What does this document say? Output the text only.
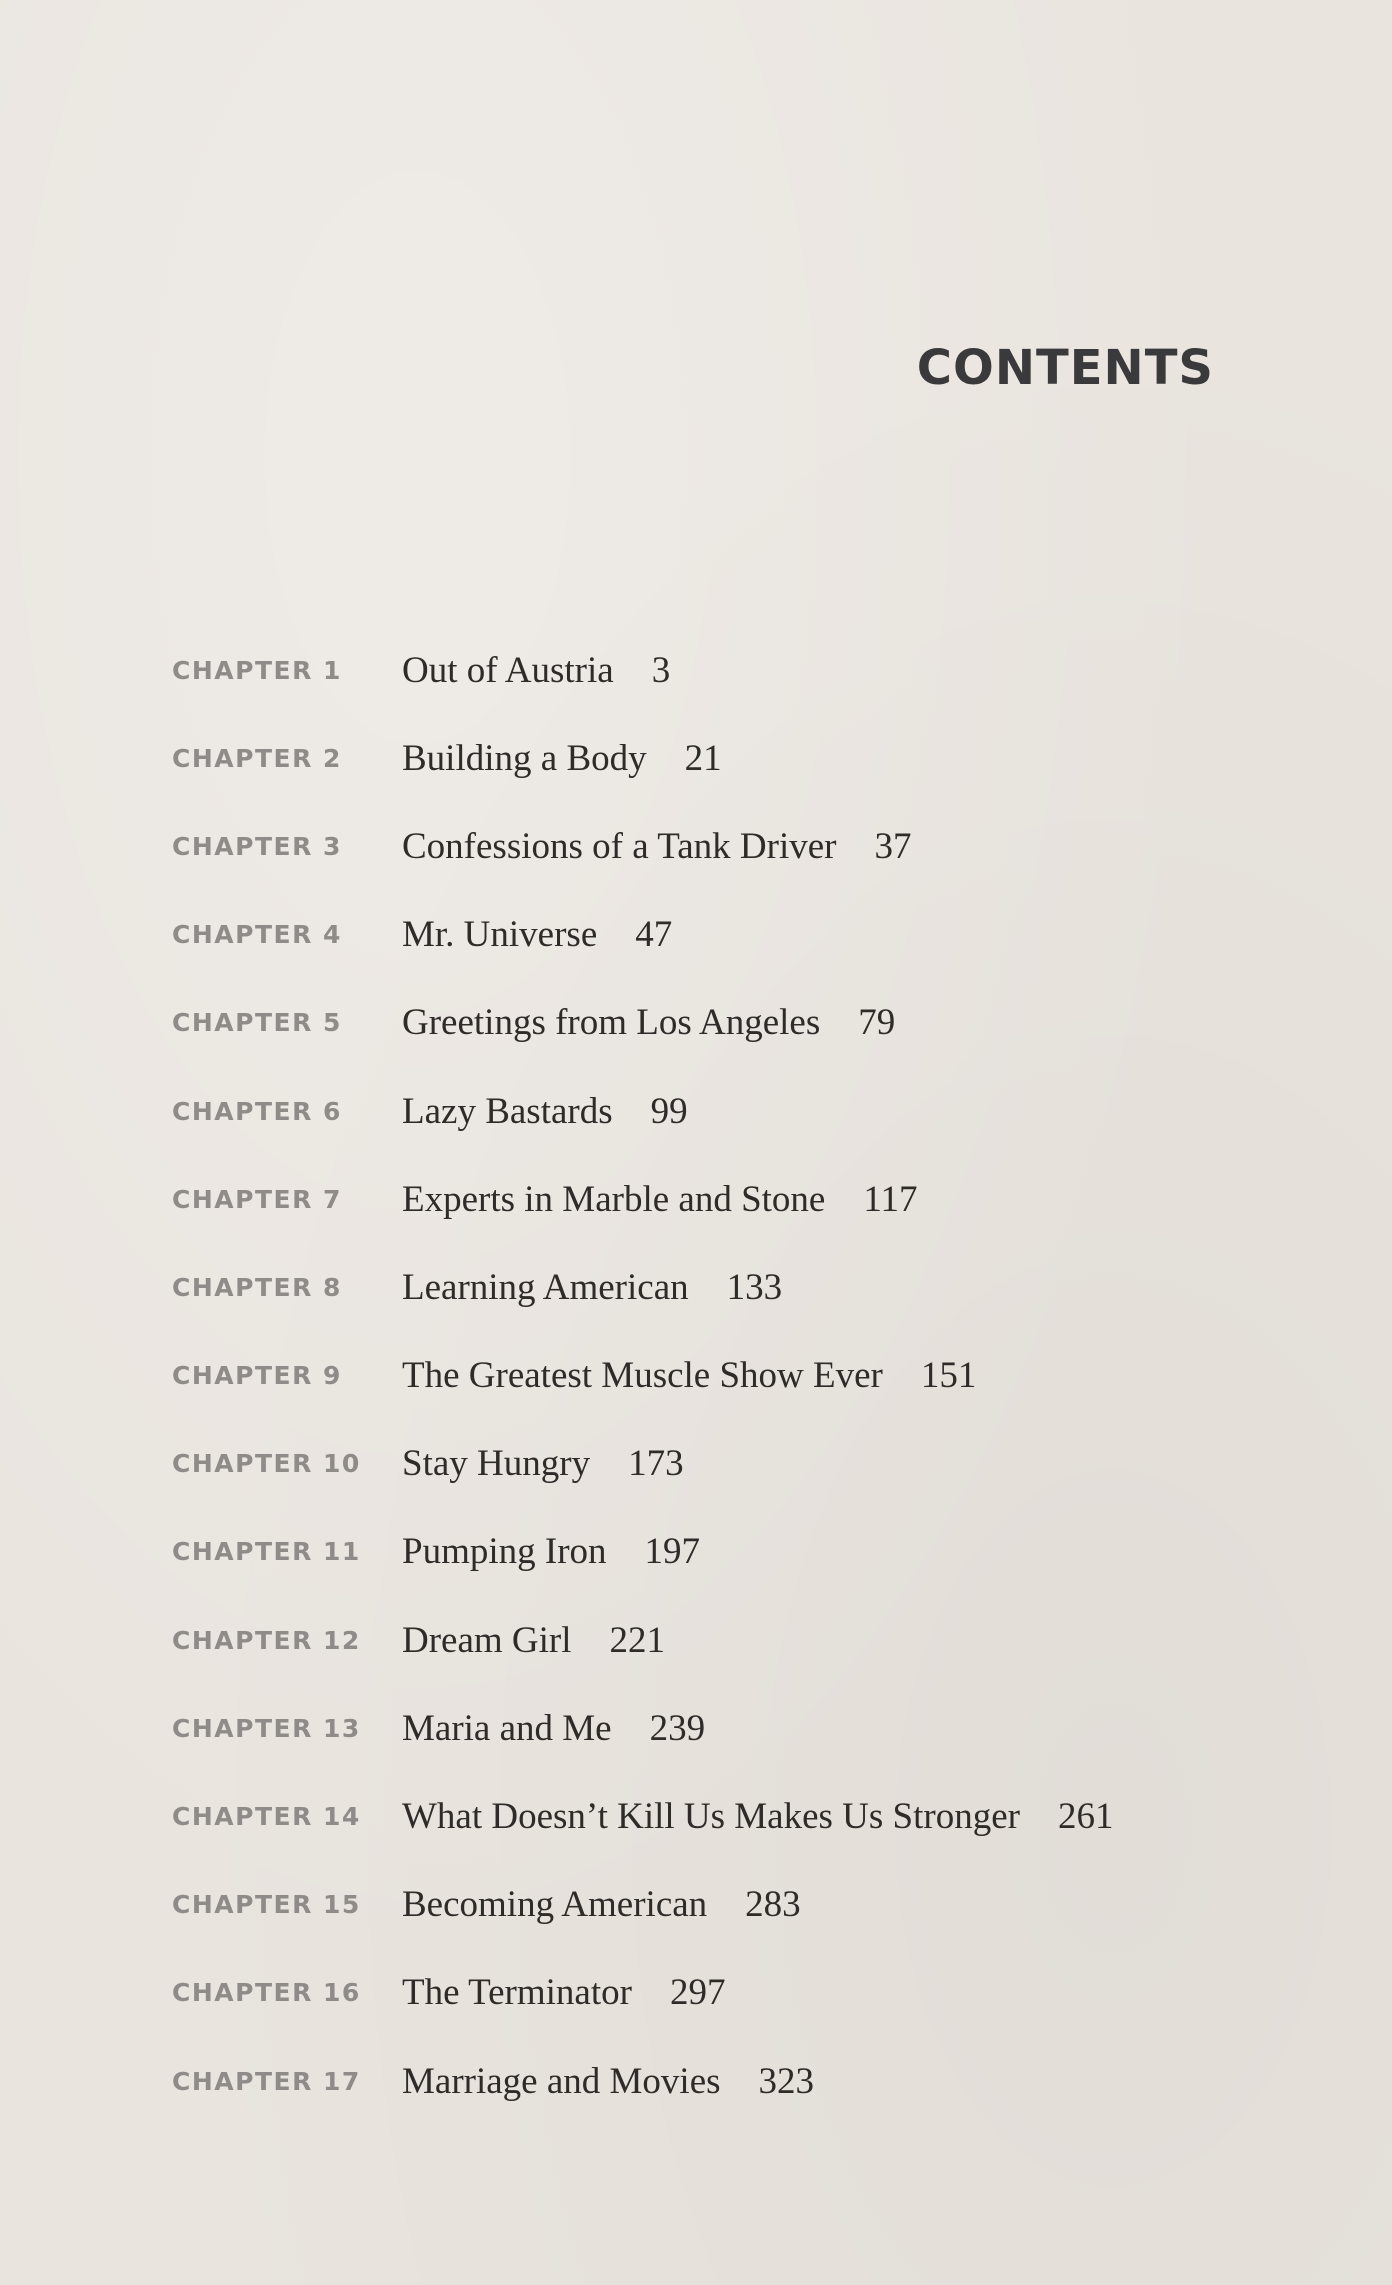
CONTENTS
CHAPTER 1	Out of Austria 3
CHAPTER 2	Building a Body 21
CHAPTER 3	Confessions of a Tank Driver 37
CHAPTER 4	Mr. Universe 47
CHAPTER 5	Greetings from Los Angeles 79
CHAPTER 6	Lazy Bastards 99
CHAPTER 7	Experts in Marble and Stone 117
CHAPTER 8	Learning American 133
CHAPTER 9	The Greatest Muscle Show Ever 151
CHAPTER 10	Stay Hungry 173
CHAPTER 11	Pumping Iron 197
CHAPTER 12	Dream Girl 221
CHAPTER 13	Maria and Me 239
CHAPTER 14	What Doesn’t Kill Us Makes Us Stronger 261
CHAPTER 15	Becoming American 283
CHAPTER 16	The Terminator 297
CHAPTER 17	Marriage and Movies 323
